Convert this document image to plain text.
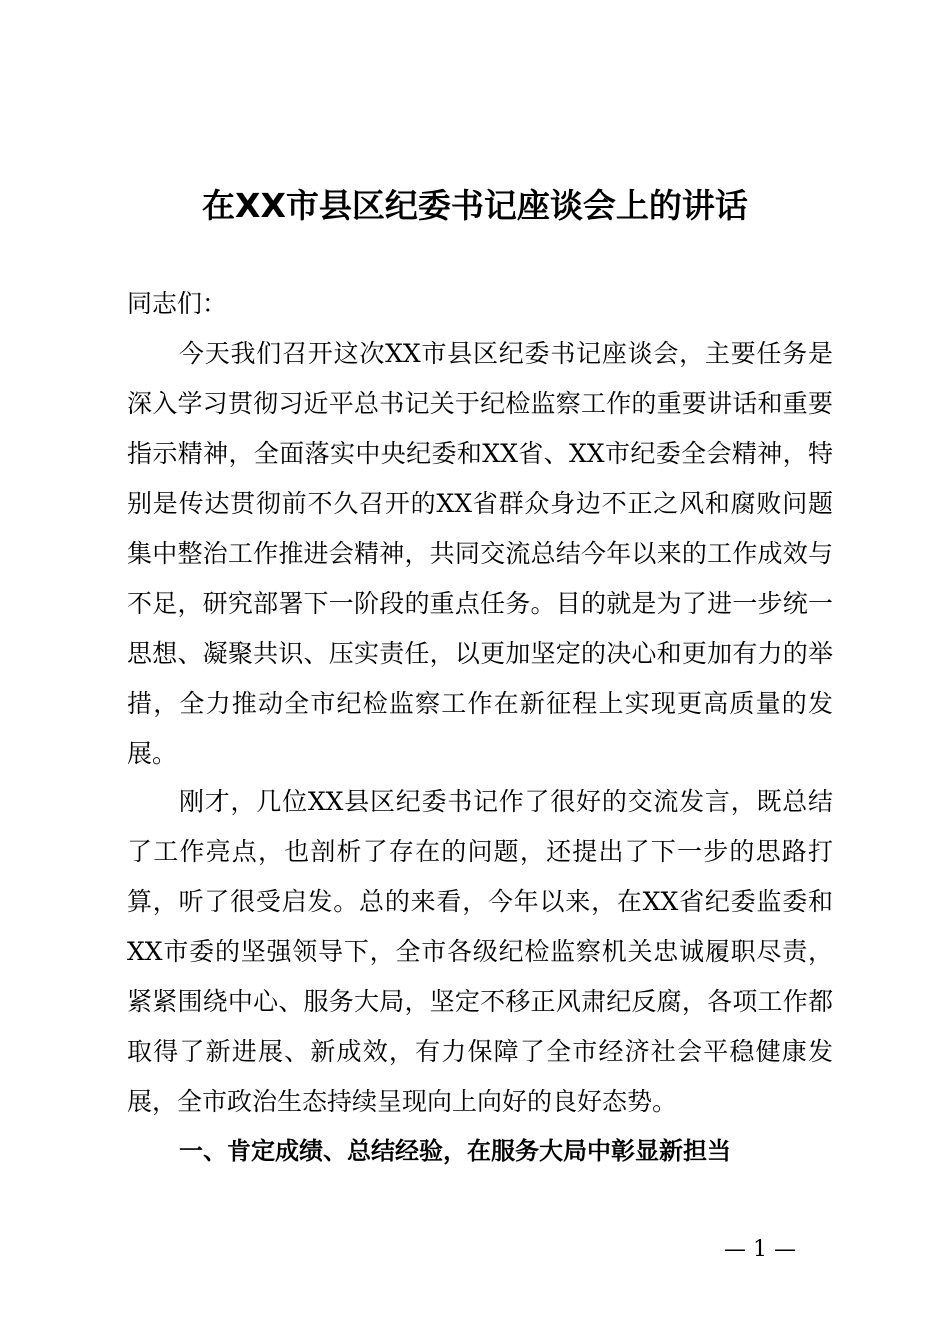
在XX市县区纪委书记座谈会上的讲话
同志们：

今天我们召开这次XX市县区纪委书记座谈会，主要任务是深入学习贯彻习近平总书记关于纪检监察工作的重要讲话和重要指示精神，全面落实中央纪委和XX省、XX市纪委全会精神，特别是传达贯彻前不久召开的XX省群众身边不正之风和腐败问题集中整治工作推进会精神，共同交流总结今年以来的工作成效与不足，研究部署下一阶段的重点任务。目的就是为了进一步统一思想、凝聚共识、压实责任，以更加坚定的决心和更加有力的举措，全力推动全市纪检监察工作在新征程上实现更高质量的发展。

刚才，几位XX县区纪委书记作了很好的交流发言，既总结了工作亮点，也剖析了存在的问题，还提出了下一步的思路打算，听了很受启发。总的来看，今年以来，在XX省纪委监委和XX市委的坚强领导下，全市各级纪检监察机关忠诚履职尽责，紧紧围绕中心、服务大局，坚定不移正风肃纪反腐，各项工作都取得了新进展、新成效，有力保障了全市经济社会平稳健康发展，全市政治生态持续呈现向上向好的良好态势。

一、肯定成绩、总结经验，在服务大局中彰显新担当
— 1 —
